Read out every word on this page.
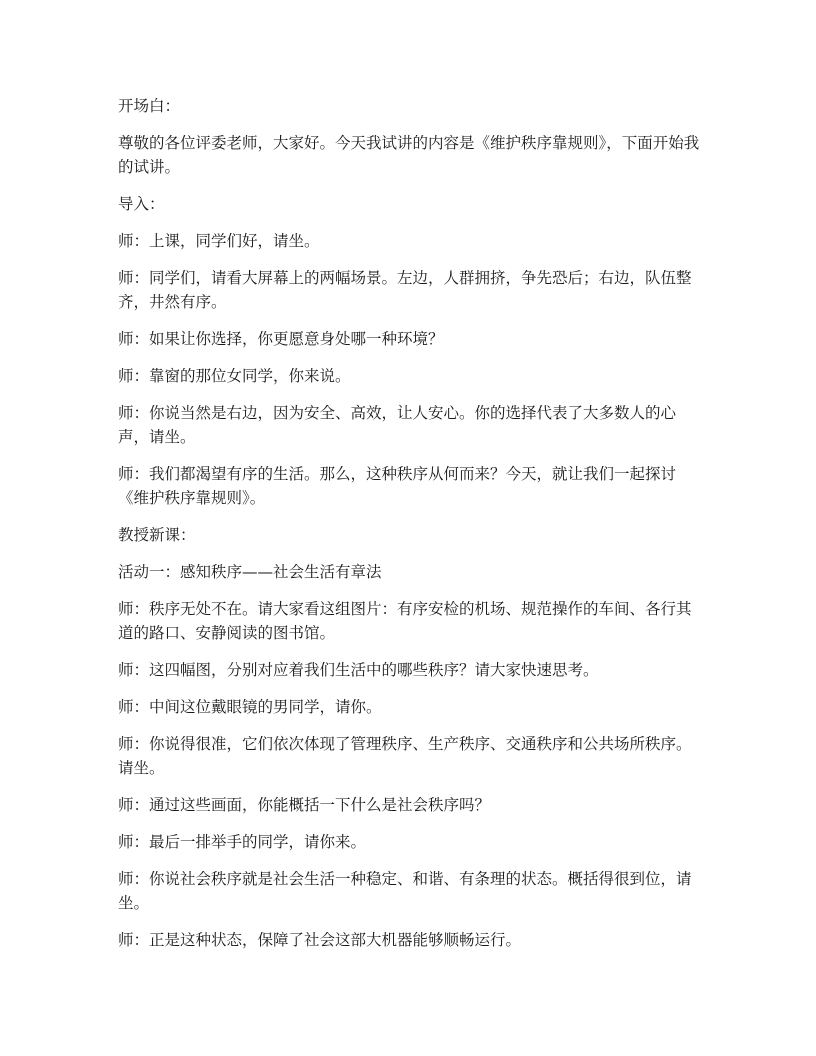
开场白：

尊敬的各位评委老师，大家好。今天我试讲的内容是《维护秩序靠规则》，下面开始我的试讲。

导入：

师：上课，同学们好，请坐。

师：同学们，请看大屏幕上的两幅场景。左边，人群拥挤，争先恐后；右边，队伍整齐，井然有序。

师：如果让你选择，你更愿意身处哪一种环境？

师：靠窗的那位女同学，你来说。

师：你说当然是右边，因为安全、高效，让人安心。你的选择代表了大多数人的心声，请坐。

师：我们都渴望有序的生活。那么，这种秩序从何而来？今天，就让我们一起探讨《维护秩序靠规则》。

教授新课：

活动一：感知秩序——社会生活有章法

师：秩序无处不在。请大家看这组图片：有序安检的机场、规范操作的车间、各行其道的路口、安静阅读的图书馆。

师：这四幅图，分别对应着我们生活中的哪些秩序？请大家快速思考。

师：中间这位戴眼镜的男同学，请你。

师：你说得很准，它们依次体现了管理秩序、生产秩序、交通秩序和公共场所秩序。请坐。

师：通过这些画面，你能概括一下什么是社会秩序吗？

师：最后一排举手的同学，请你来。

师：你说社会秩序就是社会生活一种稳定、和谐、有条理的状态。概括得很到位，请坐。

师：正是这种状态，保障了社会这部大机器能够顺畅运行。
